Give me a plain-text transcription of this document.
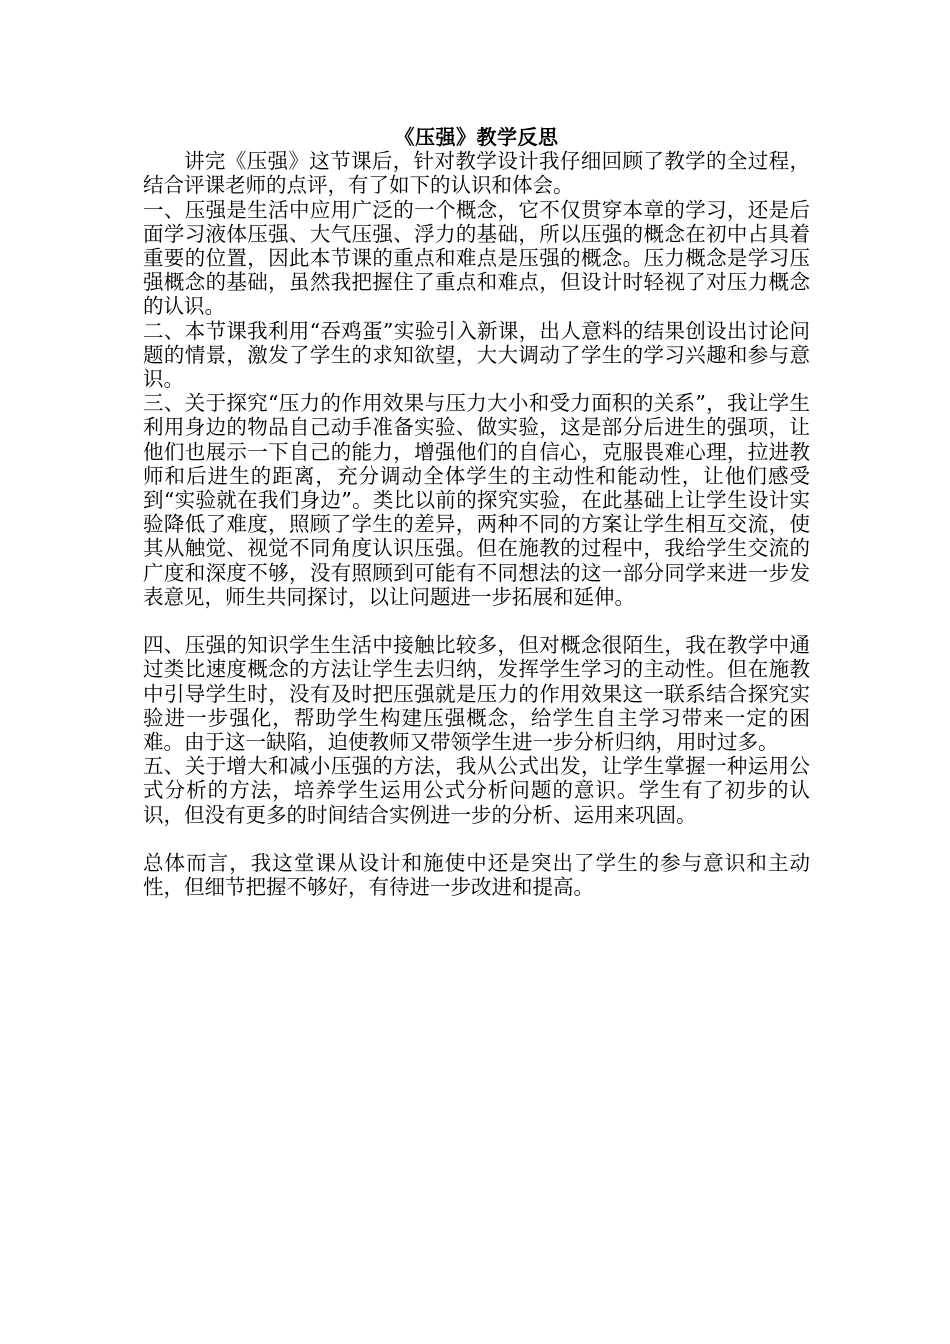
《压强》教学反思

讲完《压强》这节课后，针对教学设计我仔细回顾了教学的全过程，结合评课老师的点评，有了如下的认识和体会。

一、压强是生活中应用广泛的一个概念，它不仅贯穿本章的学习，还是后面学习液体压强、大气压强、浮力的基础，所以压强的概念在初中占具着重要的位置，因此本节课的重点和难点是压强的概念。压力概念是学习压强概念的基础，虽然我把握住了重点和难点，但设计时轻视了对压力概念的认识。

二、本节课我利用“吞鸡蛋”实验引入新课，出人意料的结果创设出讨论问题的情景，激发了学生的求知欲望，大大调动了学生的学习兴趣和参与意识。

三、关于探究“压力的作用效果与压力大小和受力面积的关系”，我让学生利用身边的物品自己动手准备实验、做实验，这是部分后进生的强项，让他们也展示一下自己的能力，增强他们的自信心，克服畏难心理，拉进教师和后进生的距离，充分调动全体学生的主动性和能动性，让他们感受到“实验就在我们身边”。类比以前的探究实验，在此基础上让学生设计实验降低了难度，照顾了学生的差异，两种不同的方案让学生相互交流，使其从触觉、视觉不同角度认识压强。但在施教的过程中，我给学生交流的广度和深度不够，没有照顾到可能有不同想法的这一部分同学来进一步发表意见，师生共同探讨，以让问题进一步拓展和延伸。

四、压强的知识学生生活中接触比较多，但对概念很陌生，我在教学中通过类比速度概念的方法让学生去归纳，发挥学生学习的主动性。但在施教中引导学生时，没有及时把压强就是压力的作用效果这一联系结合探究实验进一步强化，帮助学生构建压强概念，给学生自主学习带来一定的困难。由于这一缺陷，迫使教师又带领学生进一步分析归纳，用时过多。

五、关于增大和减小压强的方法，我从公式出发，让学生掌握一种运用公式分析的方法，培养学生运用公式分析问题的意识。学生有了初步的认识，但没有更多的时间结合实例进一步的分析、运用来巩固。

总体而言，我这堂课从设计和施使中还是突出了学生的参与意识和主动性，但细节把握不够好，有待进一步改进和提高。
